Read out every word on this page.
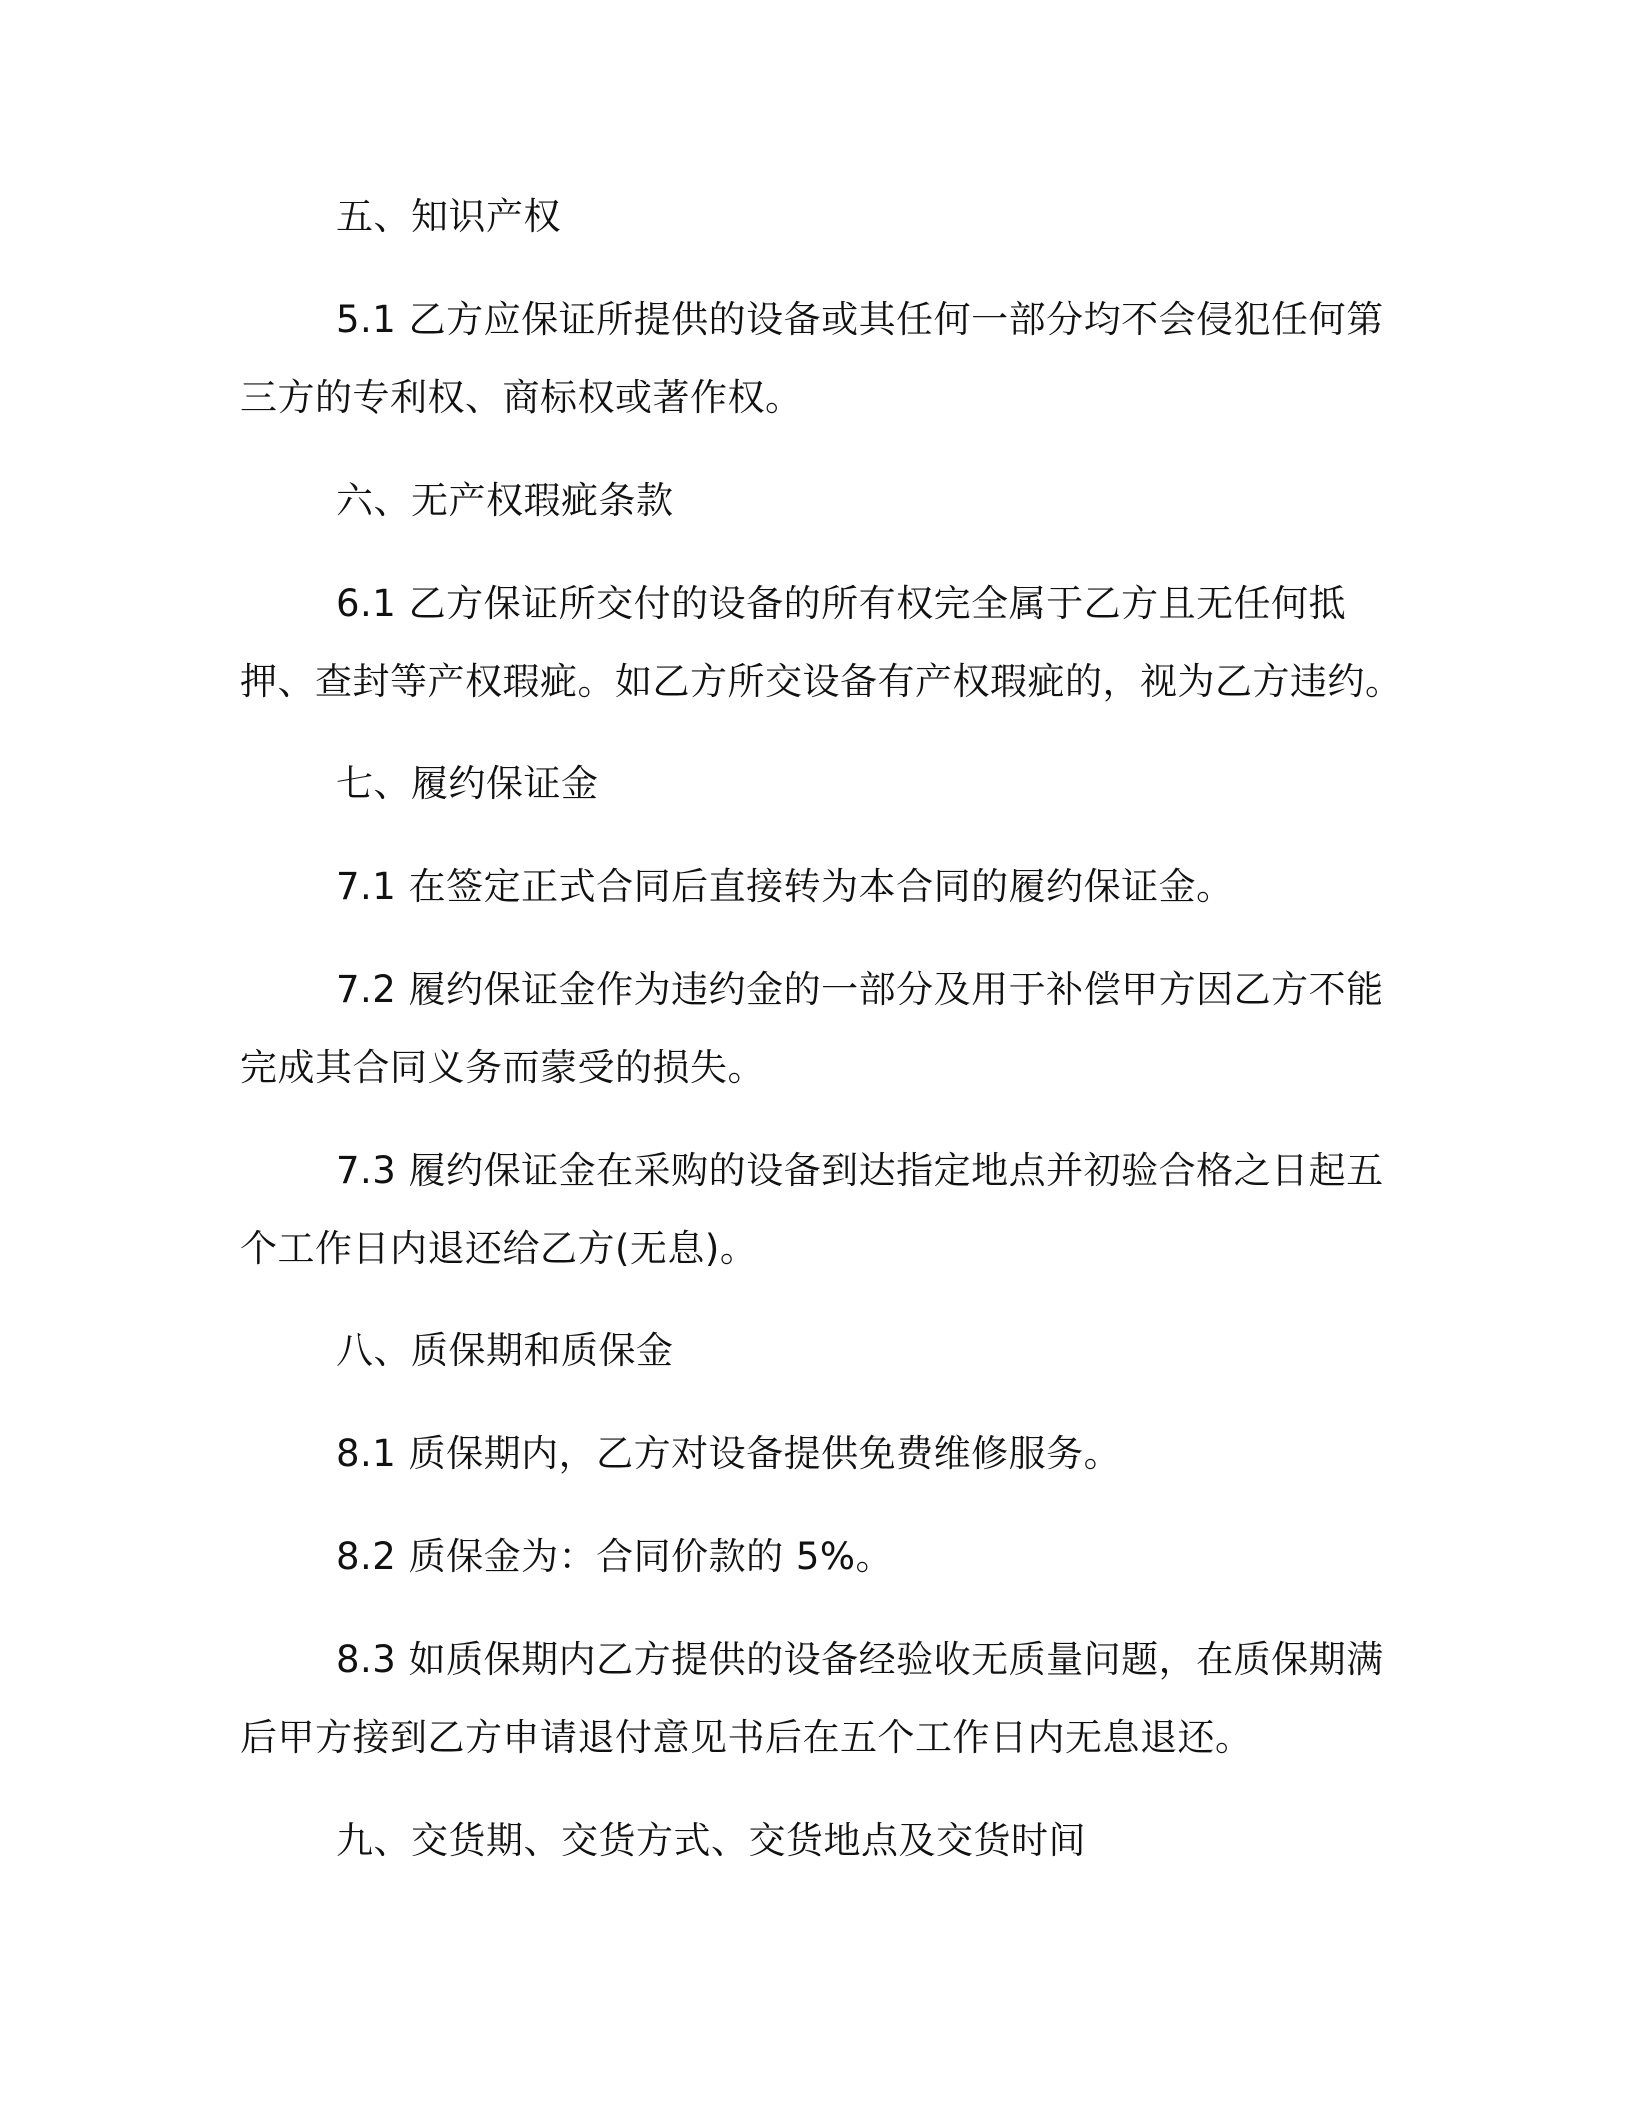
五、知识产权
5.1 乙方应保证所提供的设备或其任何一部分均不会侵犯任何第三方的专利权、商标权或著作权。
六、无产权瑕疵条款
6.1 乙方保证所交付的设备的所有权完全属于乙方且无任何抵押、查封等产权瑕疵。如乙方所交设备有产权瑕疵的，视为乙方违约。
七、履约保证金
7.1 在签定正式合同后直接转为本合同的履约保证金。
7.2 履约保证金作为违约金的一部分及用于补偿甲方因乙方不能完成其合同义务而蒙受的损失。
7.3 履约保证金在采购的设备到达指定地点并初验合格之日起五个工作日内退还给乙方(无息)。
八、质保期和质保金
8.1 质保期内，乙方对设备提供免费维修服务。
8.2 质保金为：合同价款的 5%。
8.3 如质保期内乙方提供的设备经验收无质量问题，在质保期满后甲方接到乙方申请退付意见书后在五个工作日内无息退还。
九、交货期、交货方式、交货地点及交货时间
